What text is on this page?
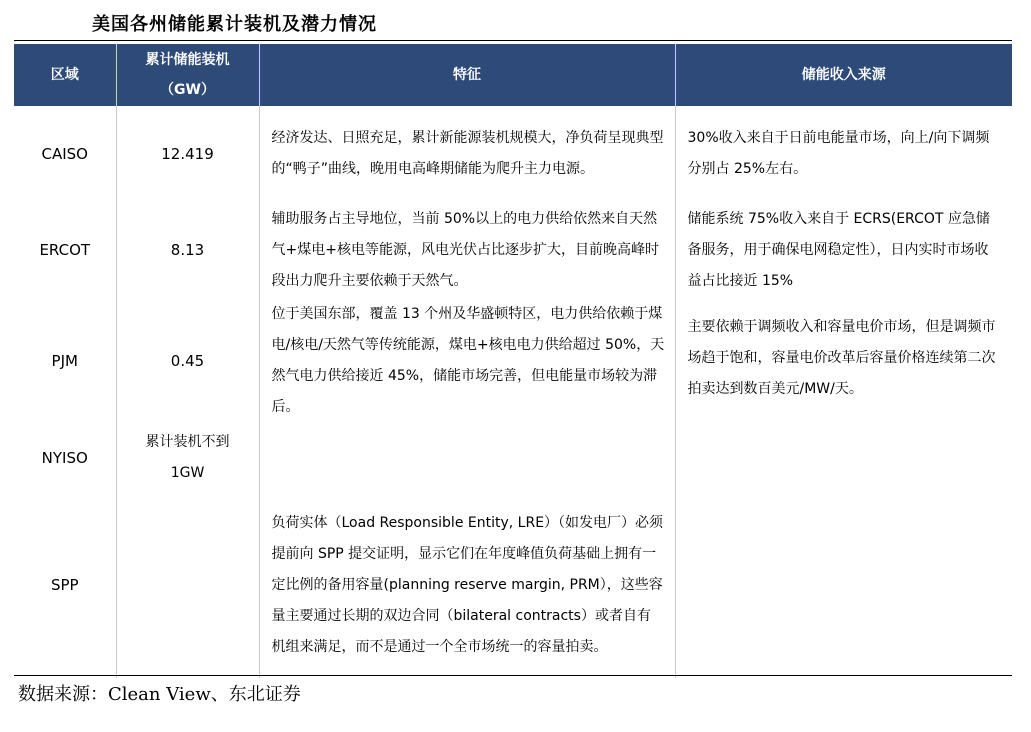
美国各州储能累计装机及潜力情况
区域	累计储能装机（GW）	特征	储能收入来源
CAISO	12.419	经济发达、日照充足，累计新能源装机规模大，净负荷呈现典型的“鸭子”曲线，晚用电高峰期储能为爬升主力电源。	30%收入来自于日前电能量市场，向上/向下调频分别占 25%左右。
ERCOT	8.13	辅助服务占主导地位，当前 50%以上的电力供给依然来自天然气+煤电+核电等能源，风电光伏占比逐步扩大，目前晚高峰时段出力爬升主要依赖于天然气。	储能系统 75%收入来自于 ECRS(ERCOT 应急储备服务，用于确保电网稳定性），日内实时市场收益占比接近 15%
PJM	0.45	位于美国东部，覆盖 13 个州及华盛顿特区，电力供给依赖于煤电/核电/天然气等传统能源，煤电+核电电力供给超过 50%，天然气电力供给接近 45%，储能市场完善，但电能量市场较为滞后。	主要依赖于调频收入和容量电价市场，但是调频市场趋于饱和，容量电价改革后容量价格连续第二次拍卖达到数百美元/MW/天。
NYISO	累计装机不到 1GW		
SPP		负荷实体（Load Responsible Entity, LRE）（如发电厂）必须提前向 SPP 提交证明，显示它们在年度峰值负荷基础上拥有一定比例的备用容量(planning reserve margin, PRM），这些容量主要通过长期的双边合同（bilateral contracts）或者自有机组来满足，而不是通过一个全市场统一的容量拍卖。	
数据来源：Clean View、东北证券
